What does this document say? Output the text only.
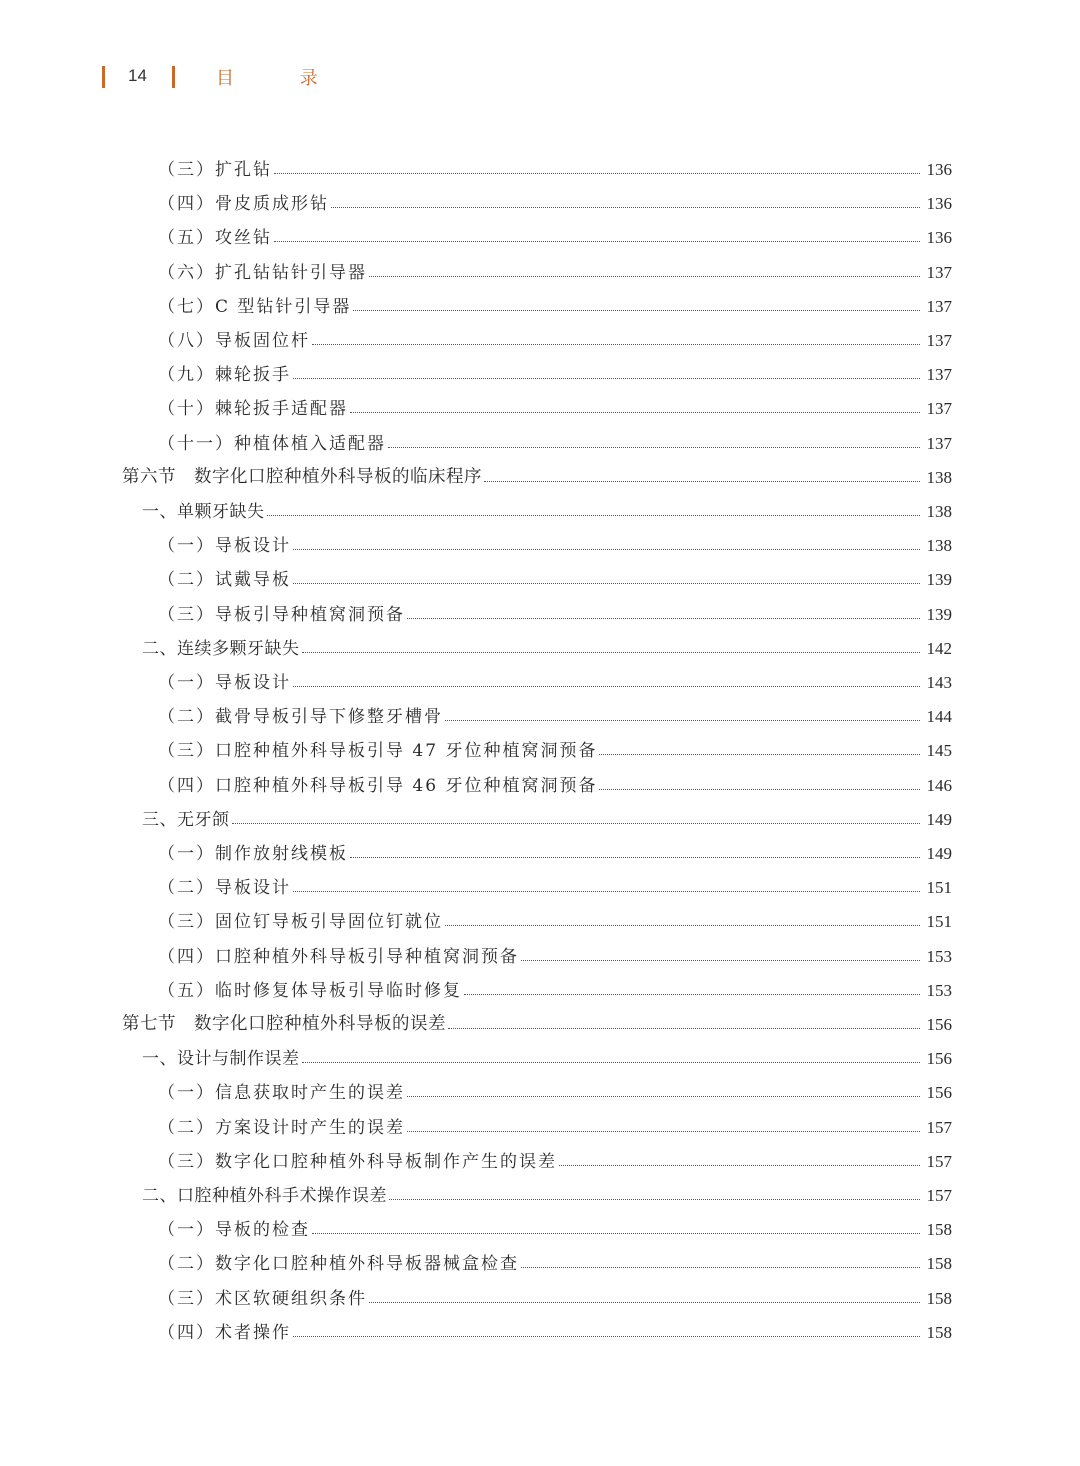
14	目 录
（三）扩孔钻	136
（四）骨皮质成形钻	136
（五）攻丝钻	136
（六）扩孔钻钻针引导器	137
（七）C 型钻针引导器	137
（八）导板固位杆	137
（九）棘轮扳手	137
（十）棘轮扳手适配器	137
（十一）种植体植入适配器	137
第六节　数字化口腔种植外科导板的临床程序	138
一、单颗牙缺失	138
（一）导板设计	138
（二）试戴导板	139
（三）导板引导种植窝洞预备	139
二、连续多颗牙缺失	142
（一）导板设计	143
（二）截骨导板引导下修整牙槽骨	144
（三）口腔种植外科导板引导 47 牙位种植窝洞预备	145
（四）口腔种植外科导板引导 46 牙位种植窝洞预备	146
三、无牙颌	149
（一）制作放射线模板	149
（二）导板设计	151
（三）固位钉导板引导固位钉就位	151
（四）口腔种植外科导板引导种植窝洞预备	153
（五）临时修复体导板引导临时修复	153
第七节　数字化口腔种植外科导板的误差	156
一、设计与制作误差	156
（一）信息获取时产生的误差	156
（二）方案设计时产生的误差	157
（三）数字化口腔种植外科导板制作产生的误差	157
二、口腔种植外科手术操作误差	157
（一）导板的检查	158
（二）数字化口腔种植外科导板器械盒检查	158
（三）术区软硬组织条件	158
（四）术者操作	158
